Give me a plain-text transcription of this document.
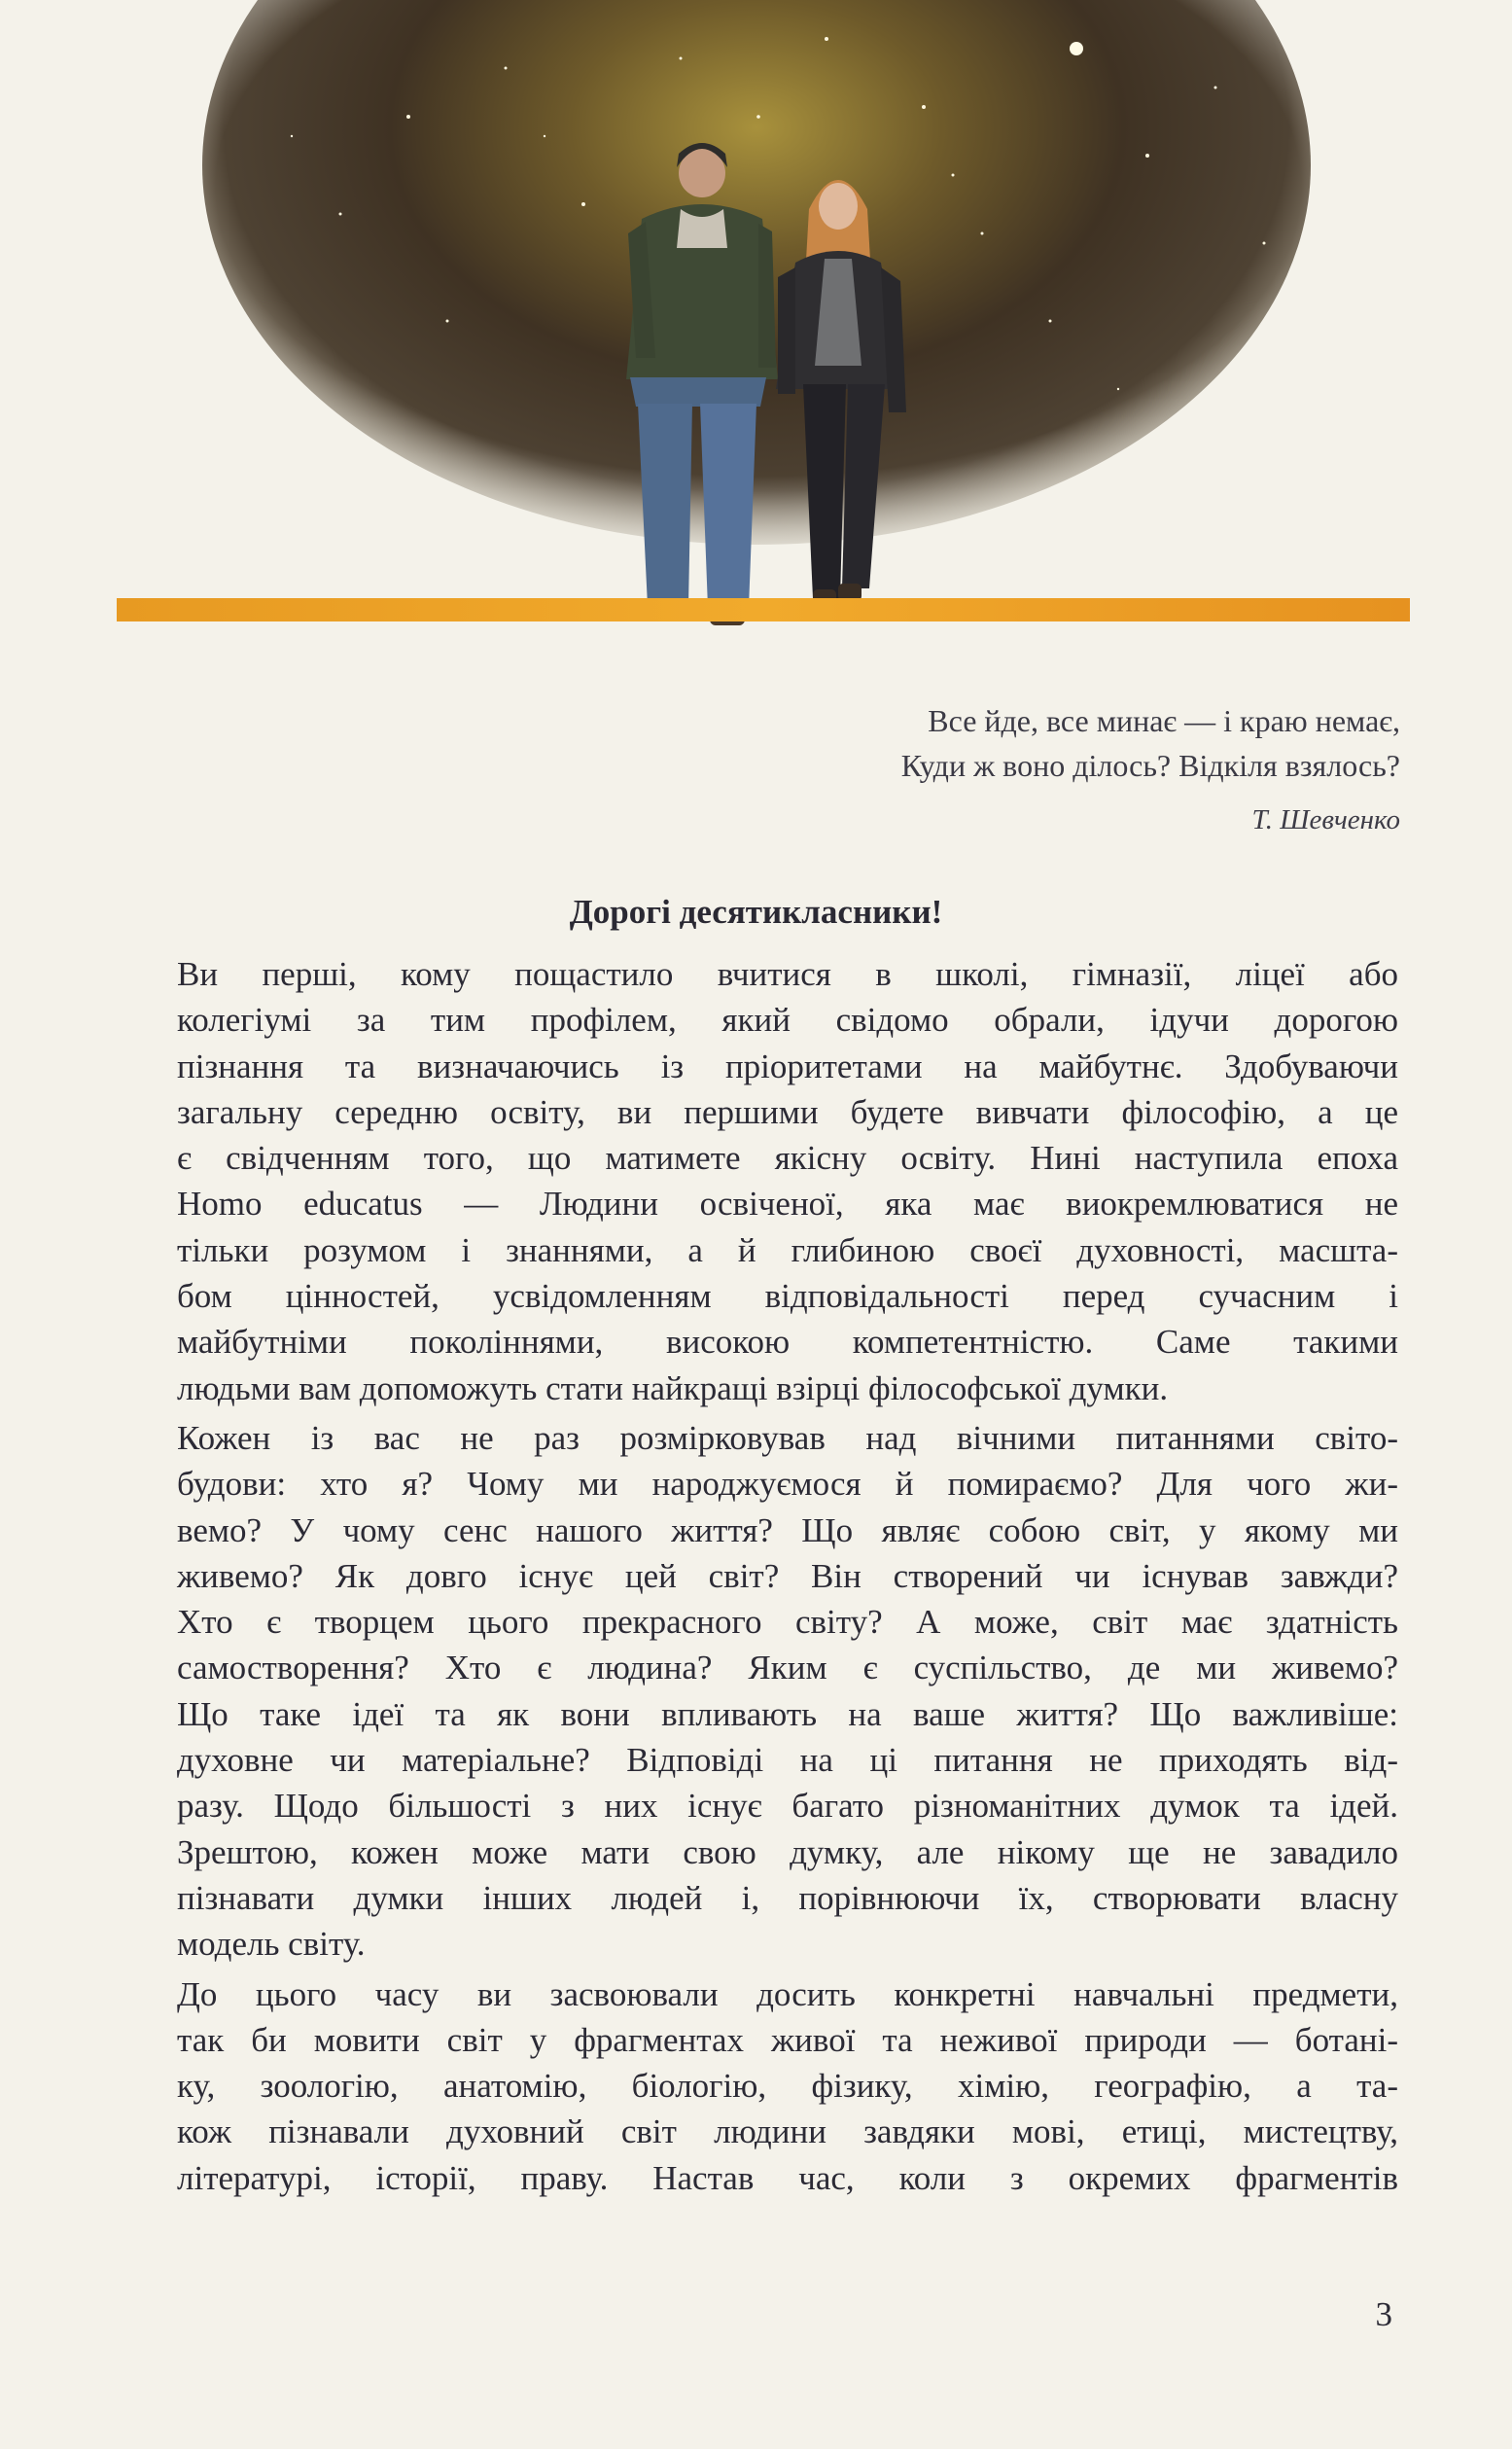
Все йде, все минає — і краю немає,
Куди ж воно ділось? Відкіля взялось?
Т. Шевченко
Дорогі десятикласники!

Ви перші, кому пощастило вчитися в школі, гімназії, ліцеї або
колегіумі за тим профілем, який свідомо обрали, ідучи дорогою
пізнання та визначаючись із пріоритетами на майбутнє. Здобуваючи
загальну середню освіту, ви першими будете вивчати філософію, а це
є свідченням того, що матимете якісну освіту. Нині наступила епоха
Homo educatus — Людини освіченої, яка має виокремлюватися не
тільки розумом і знаннями, а й глибиною своєї духовності, масшта-
бом цінностей, усвідомленням відповідальності перед сучасним і
майбутніми поколіннями, високою компетентністю. Саме такими
людьми вам допоможуть стати найкращі взірці філософської думки.

Кожен із вас не раз розмірковував над вічними питаннями світо-
будови: хто я? Чому ми народжуємося й помираємо? Для чого жи-
вемо? У чому сенс нашого життя? Що являє собою світ, у якому ми
живемо? Як довго існує цей світ? Він створений чи існував завжди?
Хто є творцем цього прекрасного світу? А може, світ має здатність
самостворення? Хто є людина? Яким є суспільство, де ми живемо?
Що таке ідеї та як вони впливають на ваше життя? Що важливіше:
духовне чи матеріальне? Відповіді на ці питання не приходять від-
разу. Щодо більшості з них існує багато різноманітних думок та ідей.
Зрештою, кожен може мати свою думку, але нікому ще не завадило
пізнавати думки інших людей і, порівнюючи їх, створювати власну
модель світу.

До цього часу ви засвоювали досить конкретні навчальні предмети,
так би мовити світ у фрагментах живої та неживої природи — ботані-
ку, зоологію, анатомію, біологію, фізику, хімію, географію, а та-
кож пізнавали духовний світ людини завдяки мові, етиці, мистецтву,
літературі, історії, праву. Настав час, коли з окремих фрагментів

3
